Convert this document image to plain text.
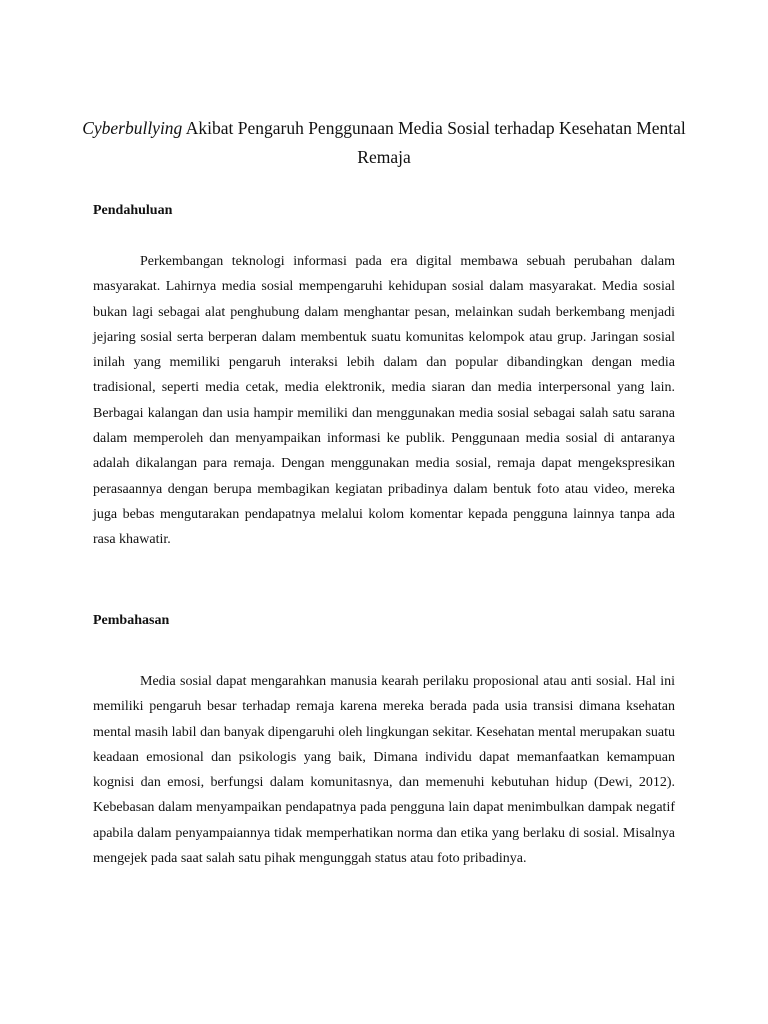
Cyberbullying Akibat Pengaruh Penggunaan Media Sosial terhadap Kesehatan Mental Remaja
Pendahuluan

Perkembangan teknologi informasi pada era digital membawa sebuah perubahan dalam masyarakat. Lahirnya media sosial mempengaruhi kehidupan sosial dalam masyarakat. Media sosial bukan lagi sebagai alat penghubung dalam menghantar pesan, melainkan sudah berkembang menjadi jejaring sosial serta berperan dalam membentuk suatu komunitas kelompok atau grup. Jaringan sosial inilah yang memiliki pengaruh interaksi lebih dalam dan popular dibandingkan dengan media tradisional, seperti media cetak, media elektronik, media siaran dan media interpersonal yang lain. Berbagai kalangan dan usia hampir memiliki dan menggunakan media sosial sebagai salah satu sarana dalam memperoleh dan menyampaikan informasi ke publik. Penggunaan media sosial di antaranya adalah dikalangan para remaja. Dengan menggunakan media sosial, remaja dapat mengekspresikan perasaannya dengan berupa membagikan kegiatan pribadinya dalam bentuk foto atau video, mereka juga bebas mengutarakan pendapatnya melalui kolom komentar kepada pengguna lainnya tanpa ada rasa khawatir.

Pembahasan

Media sosial dapat mengarahkan manusia kearah perilaku proposional atau anti sosial. Hal ini memiliki pengaruh besar terhadap remaja karena mereka berada pada usia transisi dimana ksehatan mental masih labil dan banyak dipengaruhi oleh lingkungan sekitar. Kesehatan mental merupakan suatu keadaan emosional dan psikologis yang baik, Dimana individu dapat memanfaatkan kemampuan kognisi dan emosi, berfungsi dalam komunitasnya, dan memenuhi kebutuhan hidup (Dewi, 2012). Kebebasan dalam menyampaikan pendapatnya pada pengguna lain dapat menimbulkan dampak negatif apabila dalam penyampaiannya tidak memperhatikan norma dan etika yang berlaku di sosial. Misalnya mengejek pada saat salah satu pihak mengunggah status atau foto pribadinya.
